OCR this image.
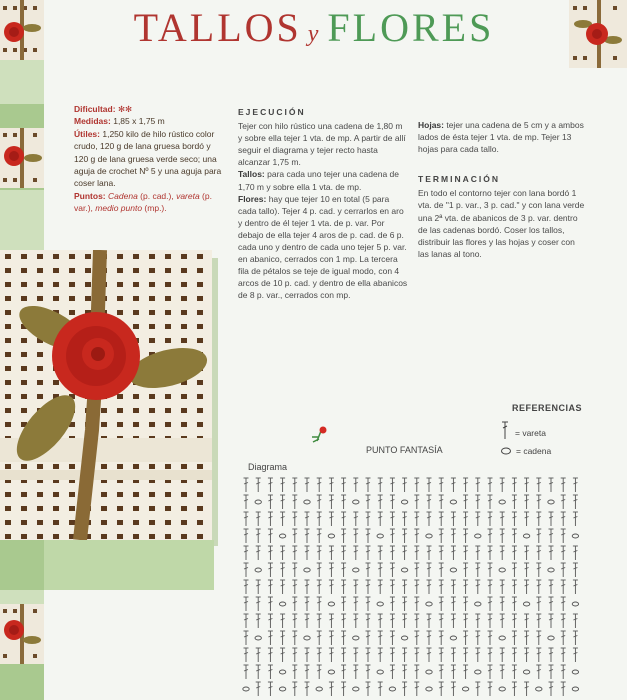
TALLOS y FLORES
Dificultad: ✻✻
Medidas: 1,85 x 1,75 m
Útiles: 1,250 kilo de hilo rústico color crudo, 120 g de lana gruesa bordó y 120 g de lana gruesa verde seco; una aguja de crochet Nº 5 y una aguja para coser lana.
Puntos: Cadena (p. cad.), vareta (p. var.), medio punto (mp.).
EJECUCIÓN

Tejer con hilo rústico una cadena de 1,80 m y sobre ella tejer 1 vta. de mp. A partir de allí seguir el diagrama y tejer recto hasta alcanzar 1,75 m.

Tallos: para cada uno tejer una cadena de 1,70 m y sobre ella 1 vta. de mp.

Flores: hay que tejer 10 en total (5 para cada tallo). Tejer 4 p. cad. y cerrarlos en aro y dentro de él tejer 1 vta. de p. var. Por debajo de ella tejer 4 aros de p. cad. de 6 p. cada uno y dentro de cada uno tejer 5 p. var. en abanico, cerrados con 1 mp. La tercera fila de pétalos se teje de igual modo, con 4 arcos de 10 p. cad. y dentro de ella abanicos de 8 p. var., cerrados con mp.

Hojas: tejer una cadena de 5 cm y a ambos lados de ésta tejer 1 vta. de mp. Tejer 13 hojas para cada tallo.

TERMINACIÓN

En todo el contorno tejer con lana bordó 1 vta. de "1 p. var., 3 p. cad." y con lana verde una 2ª vta. de abanicos de 3 p. var. dentro de las cadenas bordó. Coser los tallos, distribuir las flores y las hojas y coser con las lanas al tono.

REFERENCIAS
= vareta
= cadena
PUNTO FANTASÍA
Diagrama
